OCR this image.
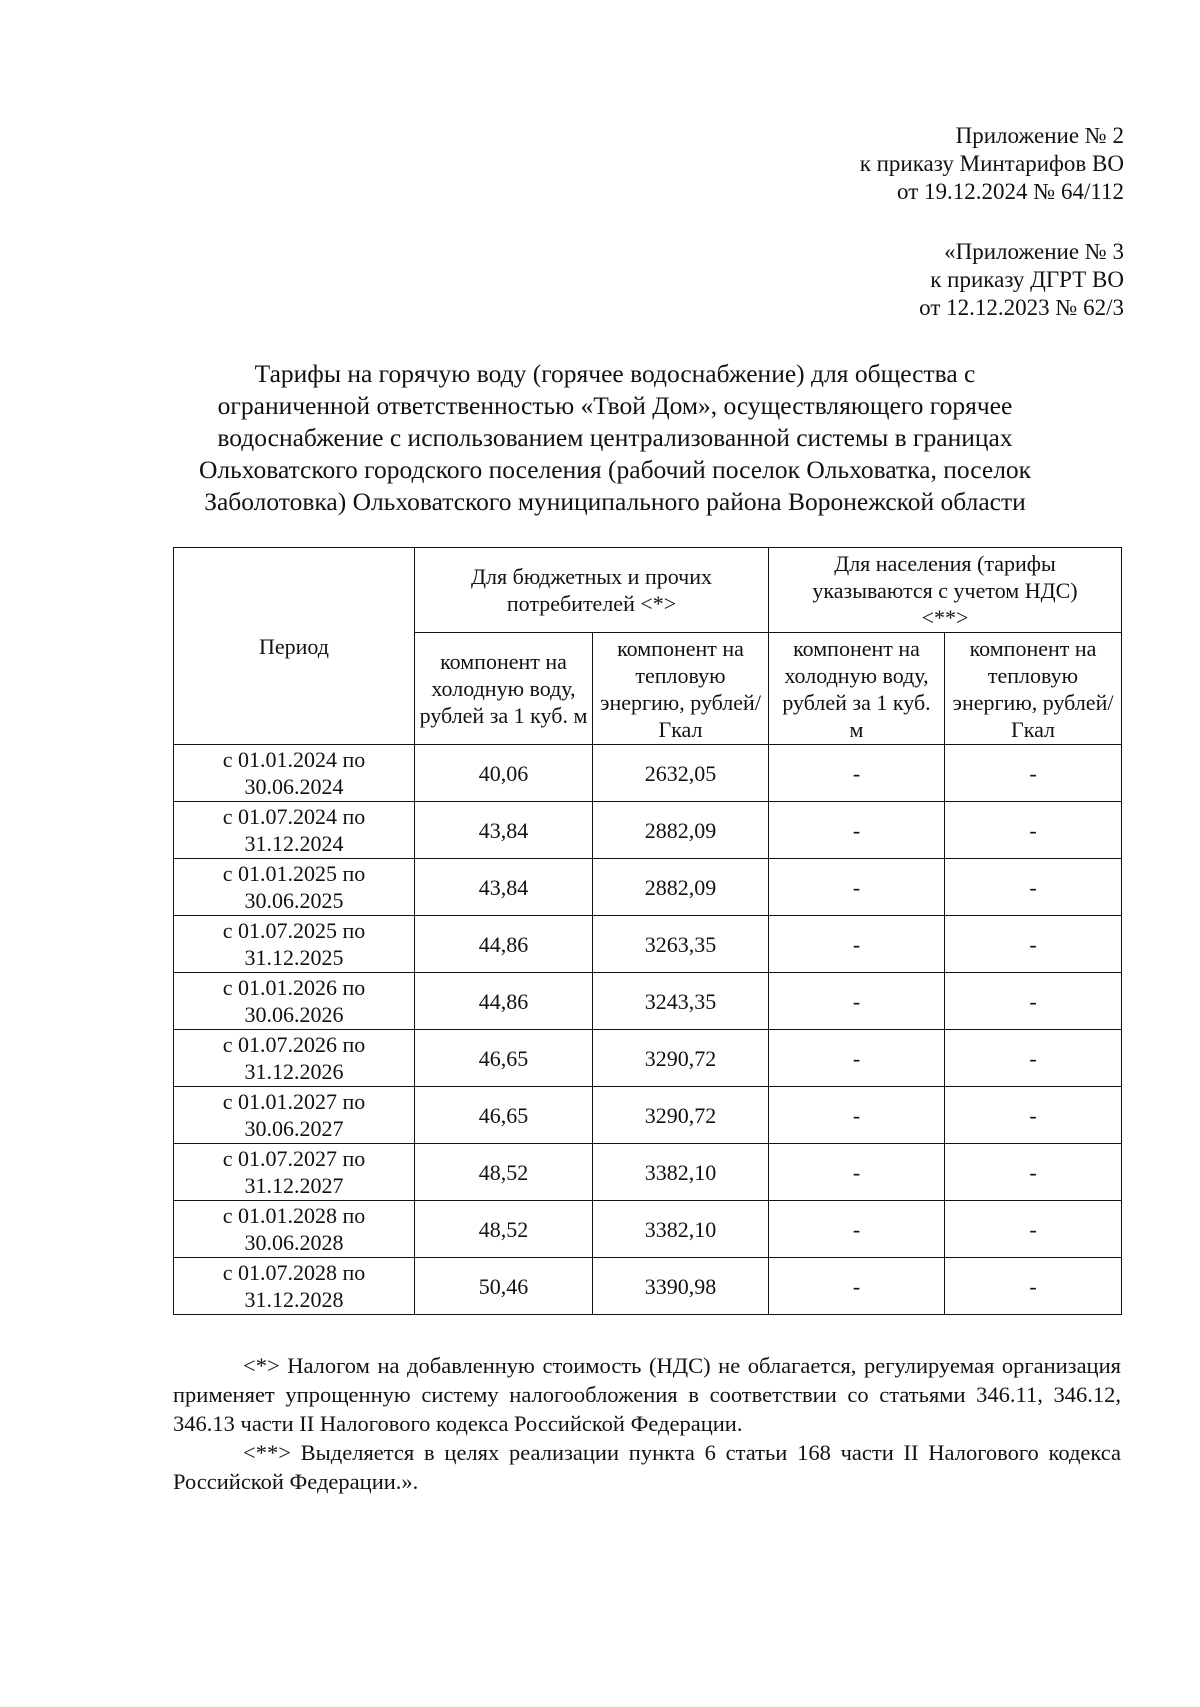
Приложение № 2
к приказу Минтарифов ВО
от 19.12.2024 № 64/112
«Приложение № 3
к приказу ДГРТ ВО
от 12.12.2023 № 62/3
Тарифы на горячую воду (горячее водоснабжение) для общества с
ограниченной ответственностью «Твой Дом», осуществляющего горячее
водоснабжение с использованием централизованной системы в границах
Ольховатского городского поселения (рабочий поселок Ольховатка, поселок
Заболотовка) Ольховатского муниципального района Воронежской области
Период	Для бюджетных и прочих потребителей <*>		Для населения (тарифы указываются с учетом НДС) <**>	
	компонент на холодную воду, рублей за 1 куб. м	компонент на тепловую энергию, рублей/Гкал	компонент на холодную воду, рублей за 1 куб. м	компонент на тепловую энергию, рублей/Гкал

с 01.01.2024 по
30.06.2024	40,06	2632,05	-	-

с 01.07.2024 по
31.12.2024	43,84	2882,09	-	-

с 01.01.2025 по
30.06.2025	43,84	2882,09	-	-

с 01.07.2025 по
31.12.2025	44,86	3263,35	-	-

с 01.01.2026 по
30.06.2026	44,86	3243,35	-	-

с 01.07.2026 по
31.12.2026	46,65	3290,72	-	-

с 01.01.2027 по
30.06.2027	46,65	3290,72	-	-

с 01.07.2027 по
31.12.2027	48,52	3382,10	-	-

с 01.01.2028 по
30.06.2028	48,52	3382,10	-	-

с 01.07.2028 по
31.12.2028	50,46	3390,98	-	-

<*> Налогом на добавленную стоимость (НДС) не облагается, регулируемая организация применяет упрощенную систему налогообложения в соответствии со статьями 346.11, 346.12, 346.13 части II Налогового кодекса Российской Федерации.

<**> Выделяется в целях реализации пункта 6 статьи 168 части II Налогового кодекса Российской Федерации.».
